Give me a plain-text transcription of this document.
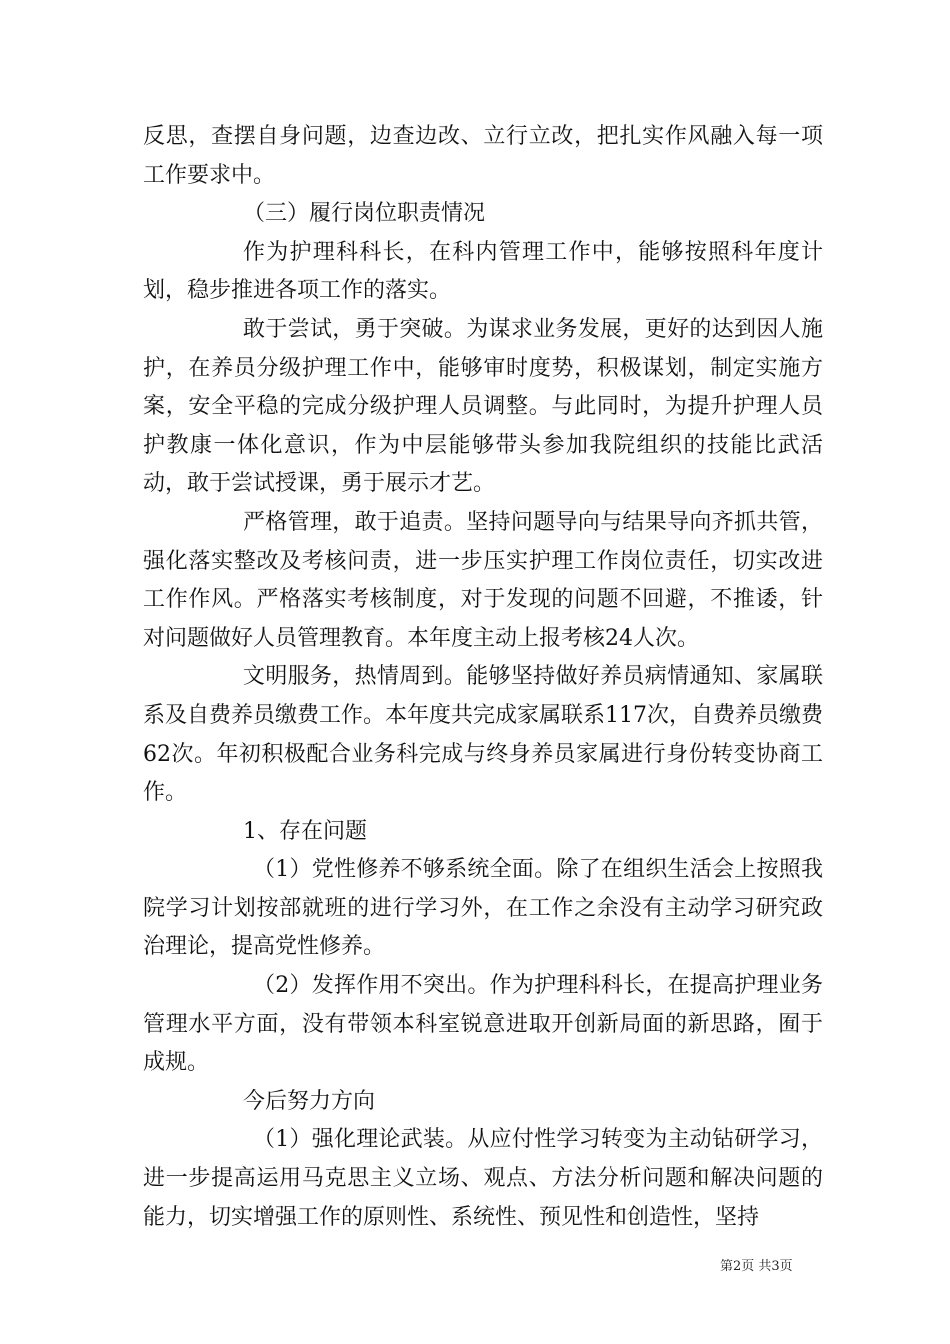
反思，查摆自身问题，边查边改、立行立改，把扎实作风融入每一项工作要求中。

（三）履行岗位职责情况

作为护理科科长，在科内管理工作中，能够按照科年度计划，稳步推进各项工作的落实。

敢于尝试，勇于突破。为谋求业务发展，更好的达到因人施护，在养员分级护理工作中，能够审时度势，积极谋划，制定实施方案，安全平稳的完成分级护理人员调整。与此同时，为提升护理人员护教康一体化意识，作为中层能够带头参加我院组织的技能比武活动，敢于尝试授课，勇于展示才艺。

严格管理，敢于追责。坚持问题导向与结果导向齐抓共管，强化落实整改及考核问责，进一步压实护理工作岗位责任，切实改进工作作风。严格落实考核制度，对于发现的问题不回避，不推诿，针对问题做好人员管理教育。本年度主动上报考核24人次。

文明服务，热情周到。能够坚持做好养员病情通知、家属联系及自费养员缴费工作。本年度共完成家属联系117次，自费养员缴费62次。年初积极配合业务科完成与终身养员家属进行身份转变协商工作。

1、存在问题

（1）党性修养不够系统全面。除了在组织生活会上按照我院学习计划按部就班的进行学习外，在工作之余没有主动学习研究政治理论，提高党性修养。

（2）发挥作用不突出。作为护理科科长，在提高护理业务管理水平方面，没有带领本科室锐意进取开创新局面的新思路，囿于成规。

今后努力方向

（1）强化理论武装。从应付性学习转变为主动钻研学习，进一步提高运用马克思主义立场、观点、方法分析问题和解决问题的能力，切实增强工作的原则性、系统性、预见性和创造性，坚持

第2页 共3页
